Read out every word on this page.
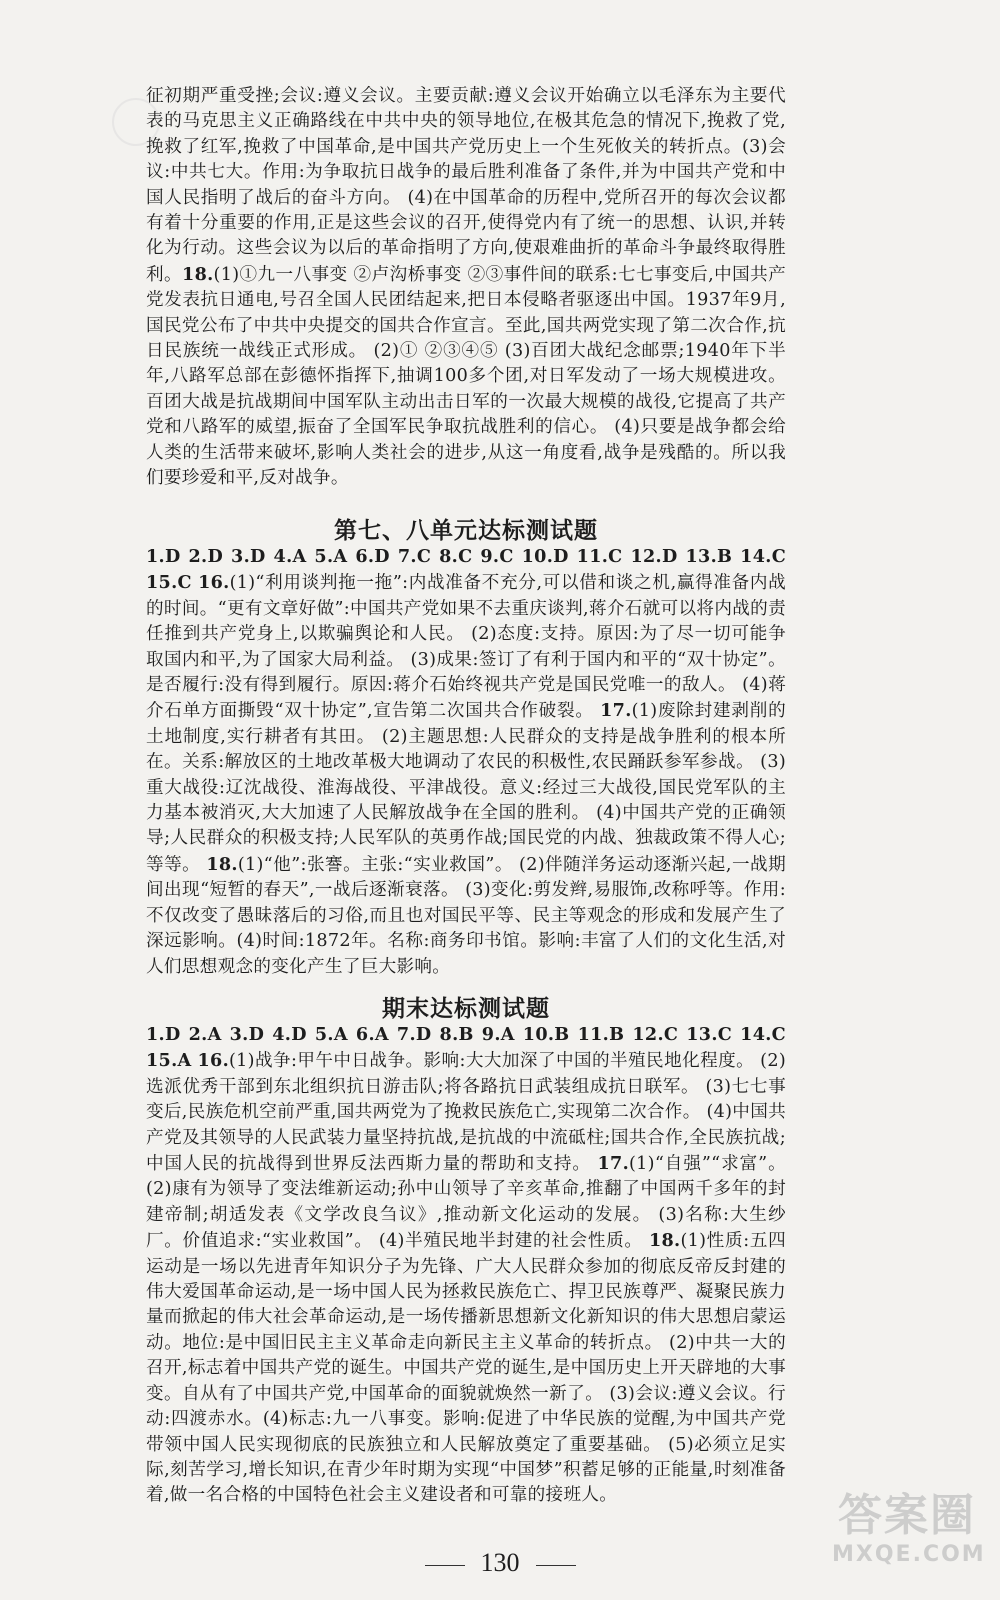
征初期严重受挫;会议:遵义会议。主要贡献:遵义会议开始确立以毛泽东为主要代表的马克思主义正确路线在中共中央的领导地位,在极其危急的情况下,挽救了党,挽救了红军,挽救了中国革命,是中国共产党历史上一个生死攸关的转折点。(3)会议:中共七大。作用:为争取抗日战争的最后胜利准备了条件,并为中国共产党和中国人民指明了战后的奋斗方向。 (4)在中国革命的历程中,党所召开的每次会议都有着十分重要的作用,正是这些会议的召开,使得党内有了统一的思想、认识,并转化为行动。这些会议为以后的革命指明了方向,使艰难曲折的革命斗争最终取得胜利。18.(1)①九一八事变 ②卢沟桥事变 ②③事件间的联系:七七事变后,中国共产党发表抗日通电,号召全国人民团结起来,把日本侵略者驱逐出中国。1937年9月,国民党公布了中共中央提交的国共合作宣言。至此,国共两党实现了第二次合作,抗日民族统一战线正式形成。 (2)① ②③④⑤ (3)百团大战纪念邮票;1940年下半年,八路军总部在彭德怀指挥下,抽调100多个团,对日军发动了一场大规模进攻。百团大战是抗战期间中国军队主动出击日军的一次最大规模的战役,它提高了共产党和八路军的威望,振奋了全国军民争取抗战胜利的信心。 (4)只要是战争都会给人类的生活带来破坏,影响人类社会的进步,从这一角度看,战争是残酷的。所以我们要珍爱和平,反对战争。

第七、八单元达标测试题

1.D 2.D 3.D 4.A 5.A 6.D 7.C 8.C 9.C 10.D 11.C 12.D 13.B 14.C 15.C 16.(1)“利用谈判拖一拖”:内战准备不充分,可以借和谈之机,赢得准备内战的时间。“更有文章好做”:中国共产党如果不去重庆谈判,蒋介石就可以将内战的责任推到共产党身上,以欺骗舆论和人民。 (2)态度:支持。原因:为了尽一切可能争取国内和平,为了国家大局利益。 (3)成果:签订了有利于国内和平的“双十协定”。是否履行:没有得到履行。原因:蒋介石始终视共产党是国民党唯一的敌人。 (4)蒋介石单方面撕毁“双十协定”,宣告第二次国共合作破裂。 17.(1)废除封建剥削的土地制度,实行耕者有其田。 (2)主题思想:人民群众的支持是战争胜利的根本所在。关系:解放区的土地改革极大地调动了农民的积极性,农民踊跃参军参战。 (3)重大战役:辽沈战役、淮海战役、平津战役。意义:经过三大战役,国民党军队的主力基本被消灭,大大加速了人民解放战争在全国的胜利。 (4)中国共产党的正确领导;人民群众的积极支持;人民军队的英勇作战;国民党的内战、独裁政策不得人心;等等。 18.(1)“他”:张謇。主张:“实业救国”。 (2)伴随洋务运动逐渐兴起,一战期间出现“短暂的春天”,一战后逐渐衰落。 (3)变化:剪发辫,易服饰,改称呼等。作用:不仅改变了愚昧落后的习俗,而且也对国民平等、民主等观念的形成和发展产生了深远影响。(4)时间:1872年。名称:商务印书馆。影响:丰富了人们的文化生活,对人们思想观念的变化产生了巨大影响。

期末达标测试题

1.D 2.A 3.D 4.D 5.A 6.A 7.D 8.B 9.A 10.B 11.B 12.C 13.C 14.C 15.A 16.(1)战争:甲午中日战争。影响:大大加深了中国的半殖民地化程度。 (2)选派优秀干部到东北组织抗日游击队;将各路抗日武装组成抗日联军。 (3)七七事变后,民族危机空前严重,国共两党为了挽救民族危亡,实现第二次合作。 (4)中国共产党及其领导的人民武装力量坚持抗战,是抗战的中流砥柱;国共合作,全民族抗战;中国人民的抗战得到世界反法西斯力量的帮助和支持。 17.(1)“自强”“求富”。 (2)康有为领导了变法维新运动;孙中山领导了辛亥革命,推翻了中国两千多年的封建帝制;胡适发表《文学改良刍议》,推动新文化运动的发展。 (3)名称:大生纱厂。价值追求:“实业救国”。 (4)半殖民地半封建的社会性质。 18.(1)性质:五四运动是一场以先进青年知识分子为先锋、广大人民群众参加的彻底反帝反封建的伟大爱国革命运动,是一场中国人民为拯救民族危亡、捍卫民族尊严、凝聚民族力量而掀起的伟大社会革命运动,是一场传播新思想新文化新知识的伟大思想启蒙运动。地位:是中国旧民主主义革命走向新民主主义革命的转折点。 (2)中共一大的召开,标志着中国共产党的诞生。中国共产党的诞生,是中国历史上开天辟地的大事变。自从有了中国共产党,中国革命的面貌就焕然一新了。 (3)会议:遵义会议。行动:四渡赤水。(4)标志:九一八事变。影响:促进了中华民族的觉醒,为中国共产党带领中国人民实现彻底的民族独立和人民解放奠定了重要基础。 (5)必须立足实际,刻苦学习,增长知识,在青少年时期为实现“中国梦”积蓄足够的正能量,时刻准备着,做一名合格的中国特色社会主义建设者和可靠的接班人。

130
答案圈
MXQE.COM
